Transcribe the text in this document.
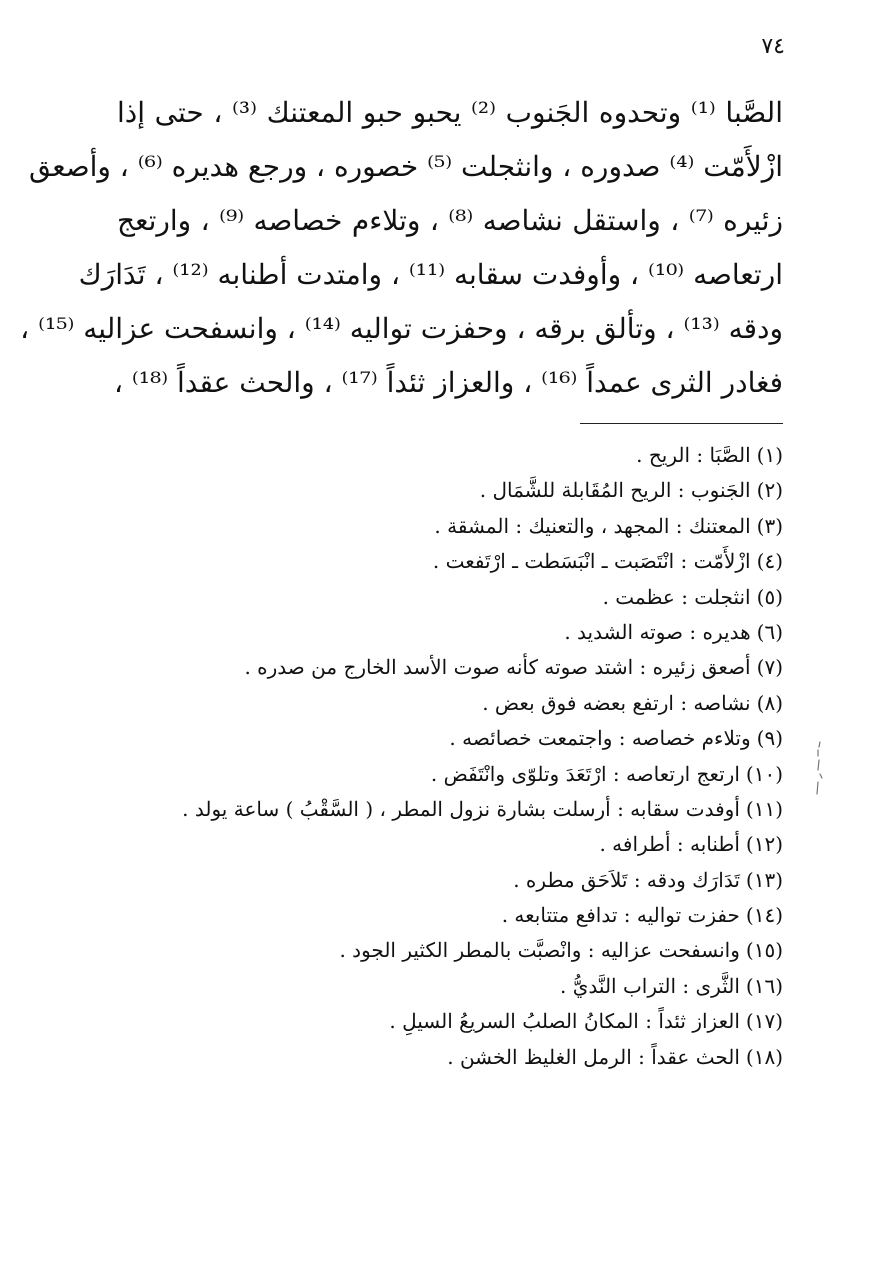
٧٤
الصَّبا ⁽¹⁾ وتحدوه الجَنوب ⁽²⁾ يحبو حبو المعتنك ⁽³⁾ ، حتى إذا
ازْلأَمّت ⁽⁴⁾ صدوره ، وانثجلت ⁽⁵⁾ خصوره ، ورجع هديره ⁽⁶⁾ ، وأصعق
زئيره ⁽⁷⁾ ، واستقل نشاصه ⁽⁸⁾ ، وتلاءم خصاصه ⁽⁹⁾ ، وارتعج
ارتعاصه ⁽¹⁰⁾ ، وأوفدت سقابه ⁽¹¹⁾ ، وامتدت أطنابه ⁽¹²⁾ ، تَدَارَك
ودقه ⁽¹³⁾ ، وتألق برقه ، وحفزت تواليه ⁽¹⁴⁾ ، وانسفحت عزاليه ⁽¹⁵⁾ ،
فغادر الثرى عمداً ⁽¹⁶⁾ ، والعزاز ثئداً ⁽¹⁷⁾ ، والحث عقداً ⁽¹⁸⁾ ،
(١)الصَّبَا : الريح .
(٢)الجَنوب : الريح المُقَابلة للشَّمَال .
(٣)المعتنك : المجهد ، والتعنيك : المشقة .
(٤)ازْلأَمّت : انْتَصَبت ـ انْبَسَطت ـ ارْتَفعت .
(٥)انثجلت : عظمت .
(٦)هديره : صوته الشديد .
(٧)أصعق زئيره : اشتد صوته كأنه صوت الأسد الخارج من صدره .
(٨)نشاصه : ارتفع بعضه فوق بعض .
(٩)وتلاءم خصاصه : واجتمعت خصائصه .
(١٠)ارتعج ارتعاصه : ارْتَعَدَ وتلوّى وانْتَفَض .
(١١)أوفدت سقابه : أرسلت بشارة نزول المطر ، ( السَّقْبُ ) ساعة يولد .
(١٢)أطنابه : أطرافه .
(١٣)تَدَارَك ودقه : تَلاَحَق مطره .
(١٤)حفزت تواليه : تدافع متتابعه .
(١٥)وانسفحت عزاليه : وانْصبَّت بالمطر الكثير الجود .
(١٦)الثَّرى : التراب النَّديُّ .
(١٧)العزاز ثئداً : المكانُ الصلبُ السريعُ السيلِ .
(١٨)الحث عقداً : الرمل الغليظ الخشن .
